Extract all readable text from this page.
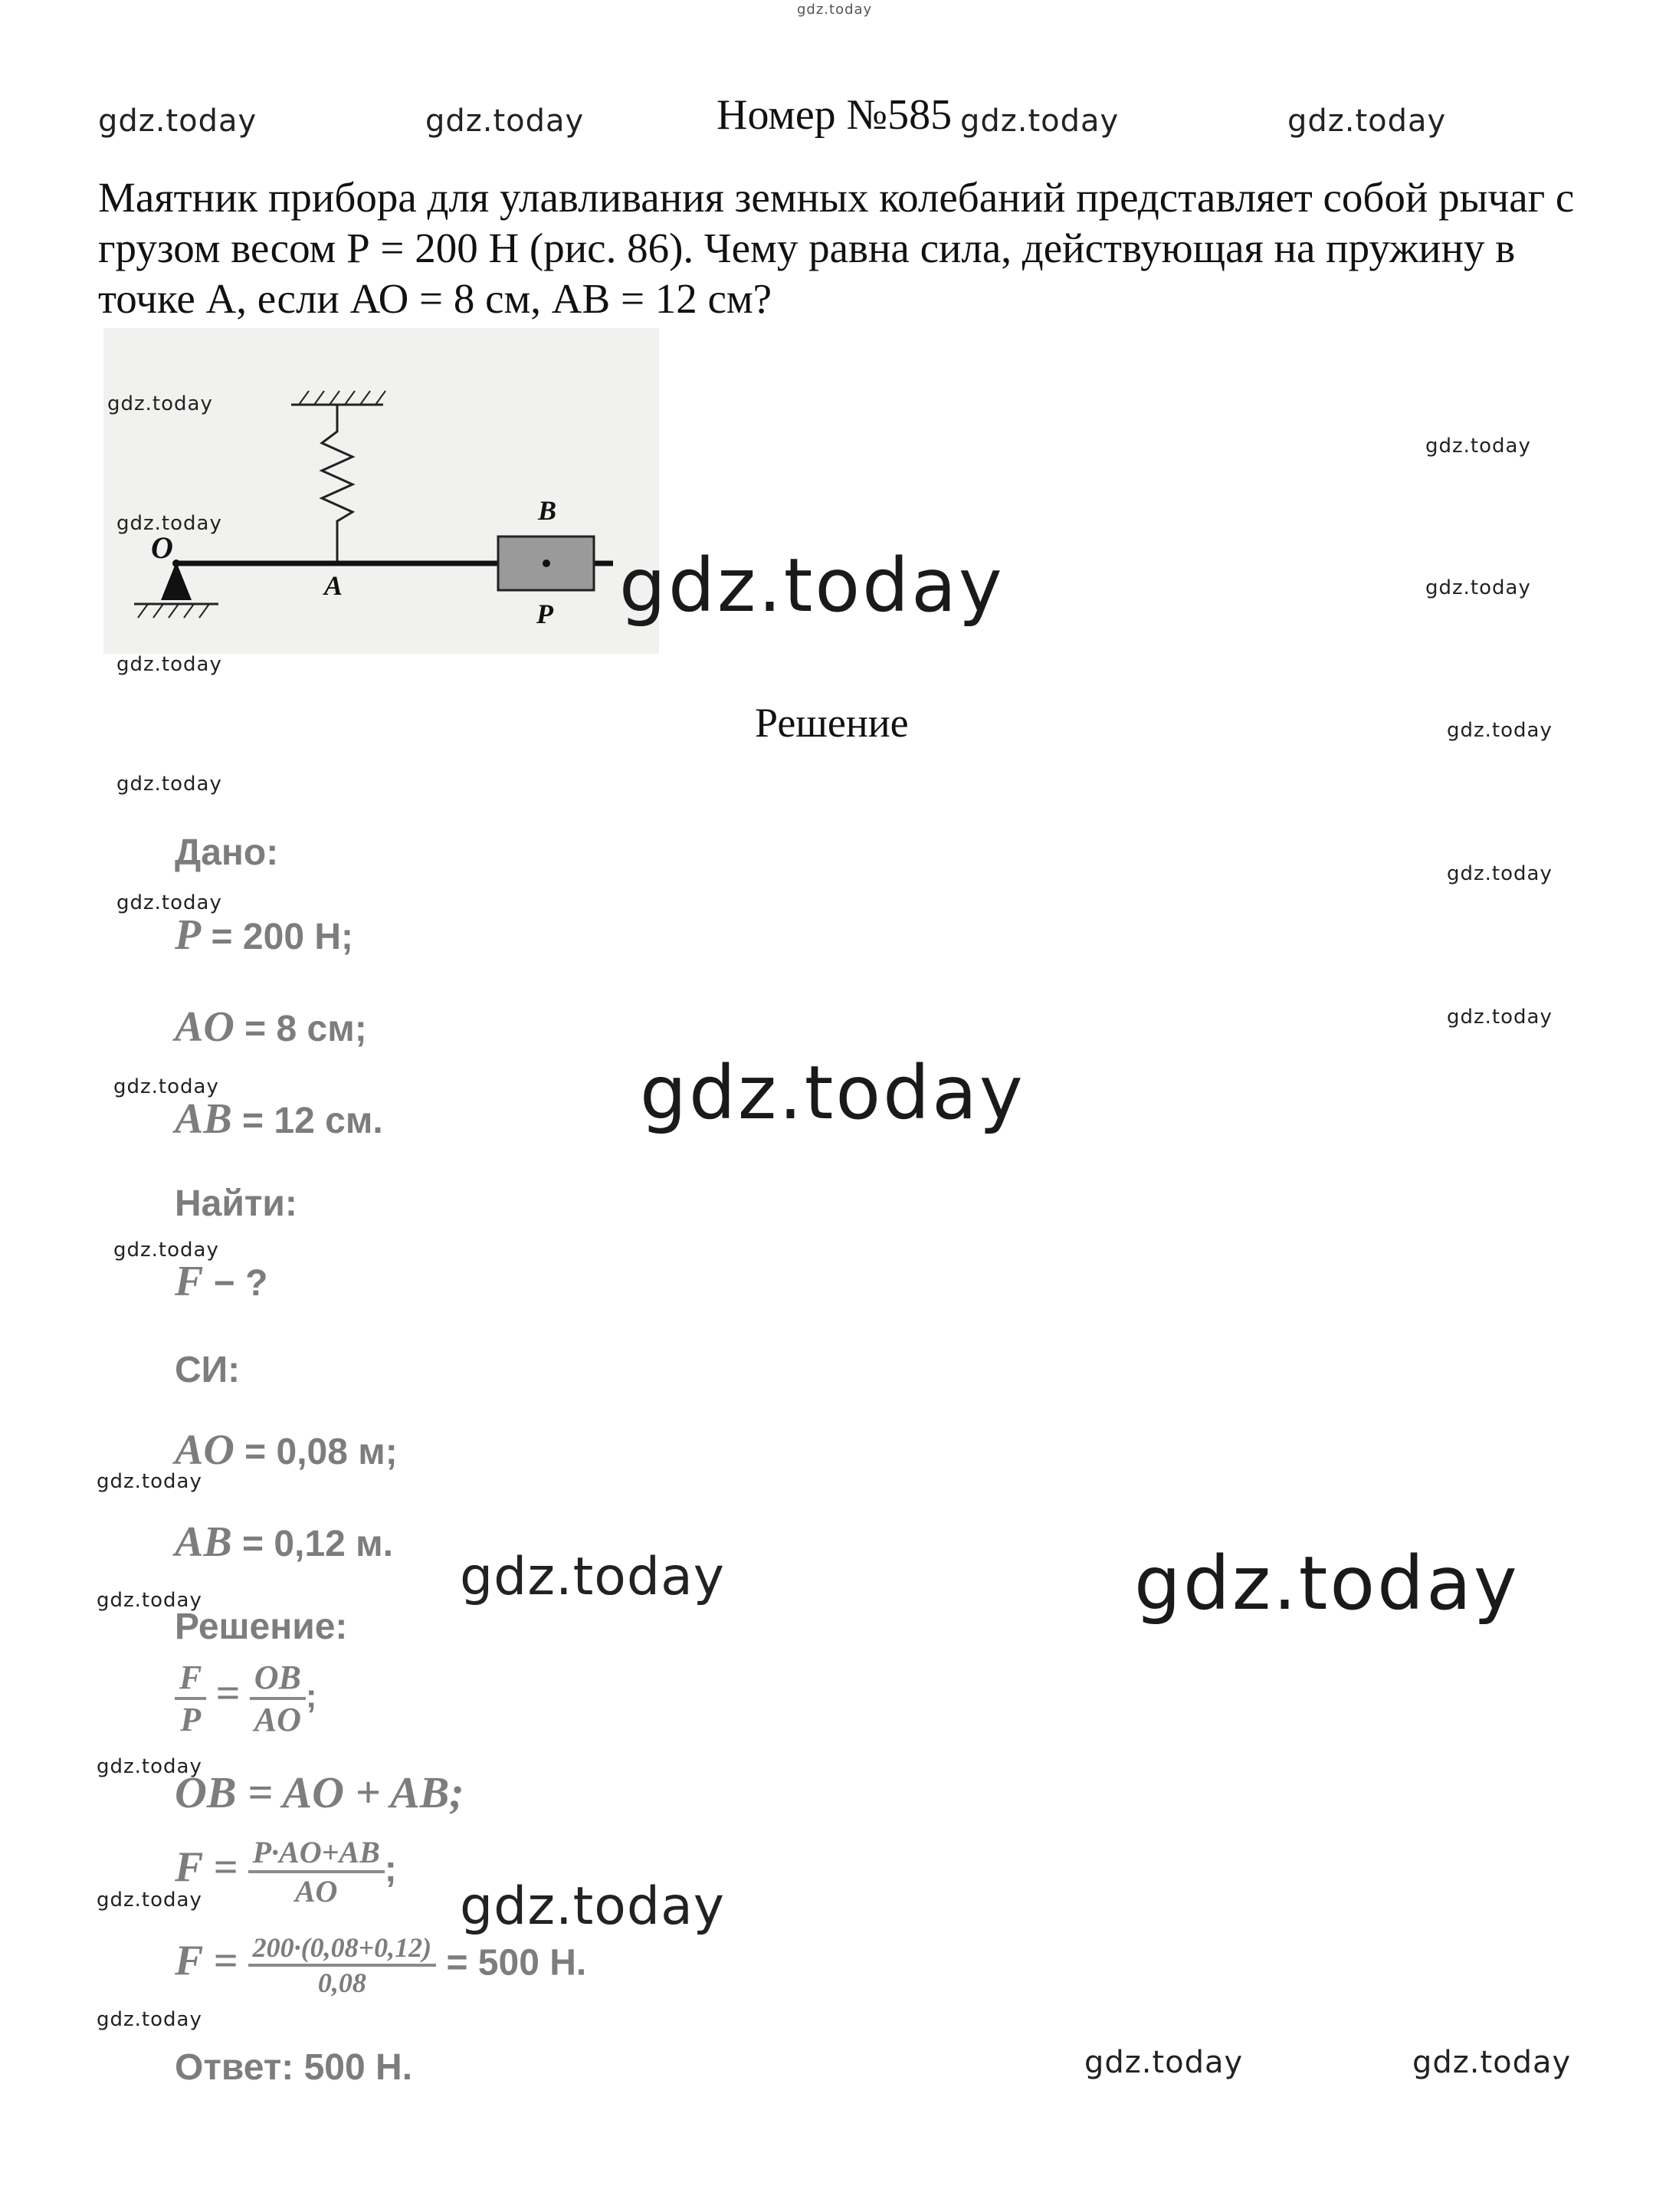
gdz.today
gdz.today	gdz.today	gdz.today	gdz.today
Номер №585
Маятник прибора для улавливания земных колебаний представляет собой рычаг с грузом весом Р = 200 Н (рис. 86). Чему равна сила, действующая на пружину в точке А, если АО = 8 см, АВ = 12 см?
O
A
B
P
gdz.today
gdz.today
gdz.today
gdz.today
gdz.today
gdz.today
Решение	gdz.today
gdz.today
gdz.today
gdz.today
Дано:
gdz.today
P = 200 Н;
AO = 8 см;
gdz.today	gdz.today
AB = 12 см.
Найти:
gdz.today
F − ?
СИ:
AO = 0,08 м;
gdz.today
AB = 0,12 м.
gdz.today	gdz.today
gdz.today
Решение:
$\frac{F}{P} = \frac{OB}{AO}$ ;
gdz.today
OB = AO + AB;
$F = \frac{P\cdot AO+AB}{AO}$ ;
gdz.today
gdz.today
$F = \frac{200\cdot(0,08+0,12)}{0,08} = 500$ Н.
gdz.today
Ответ: 500 Н.	gdz.today	gdz.today
